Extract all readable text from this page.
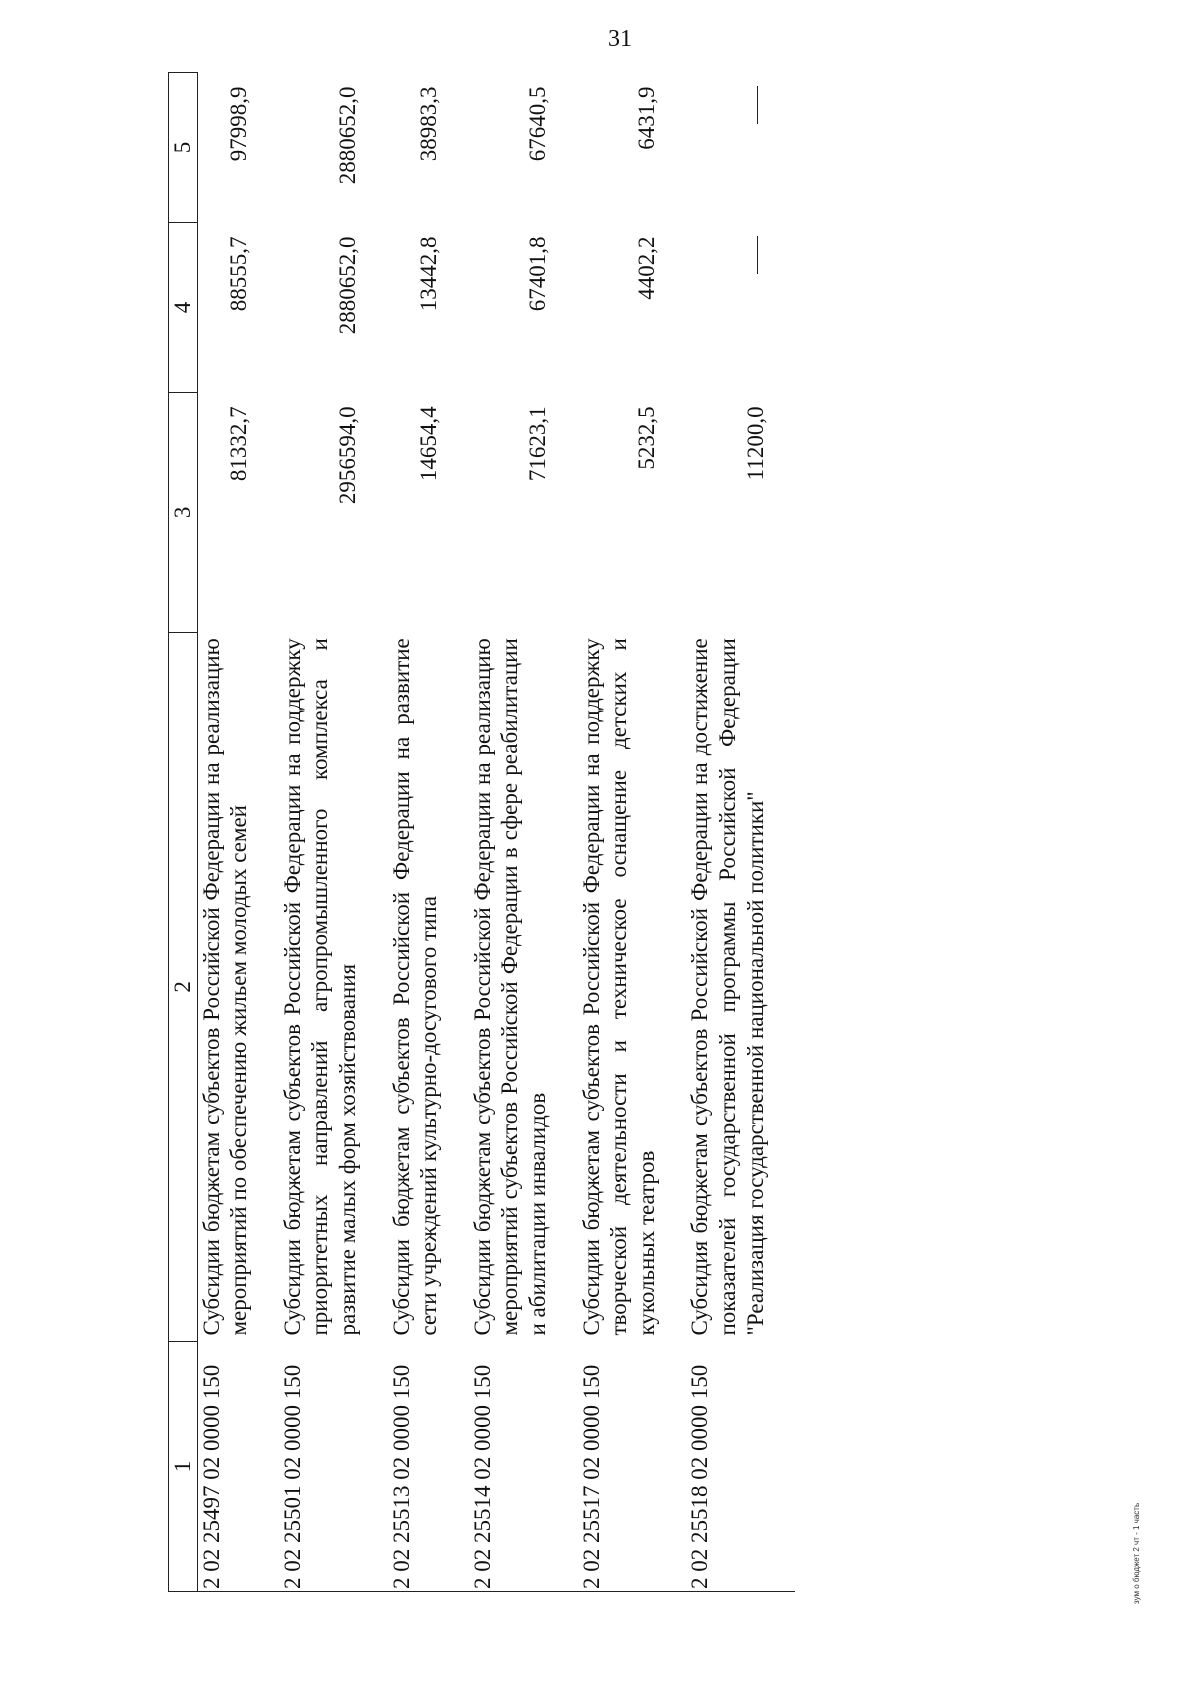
31
1	2	3	4	5
2 02 25497 02 0000 150	Субсидии бюджетам субъектов Российской Федерации на реализацию мероприятий по обеспечению жильем молодых семей	81332,7	88555,7	97998,9
2 02 25501 02 0000 150	Субсидии бюджетам субъектов Российской Федерации на поддержку приоритетных направлений агропромышленного комплекса и развитие малых форм хозяйствования	2956594,0	2880652,0	2880652,0
2 02 25513 02 0000 150	Субсидии бюджетам субъектов Российской Федерации на развитие сети учреждений культурно-досугового типа	14654,4	13442,8	38983,3
2 02 25514 02 0000 150	Субсидии бюджетам субъектов Российской Федерации на реализацию мероприятий субъектов Российской Федерации в сфере реабилитации и абилитации инвалидов	71623,1	67401,8	67640,5
2 02 25517 02 0000 150	Субсидии бюджетам субъектов Российской Федерации на поддержку творческой деятельности и техническое оснащение детских и кукольных театров	5232,5	4402,2	6431,9
2 02 25518 02 0000 150	Субсидия бюджетам субъектов Российской Федерации на достижение показателей государственной программы Российской Федерации "Реализация государственной национальной политики"	11200,0		
зум о бюджет 2 чт - 1 часть
